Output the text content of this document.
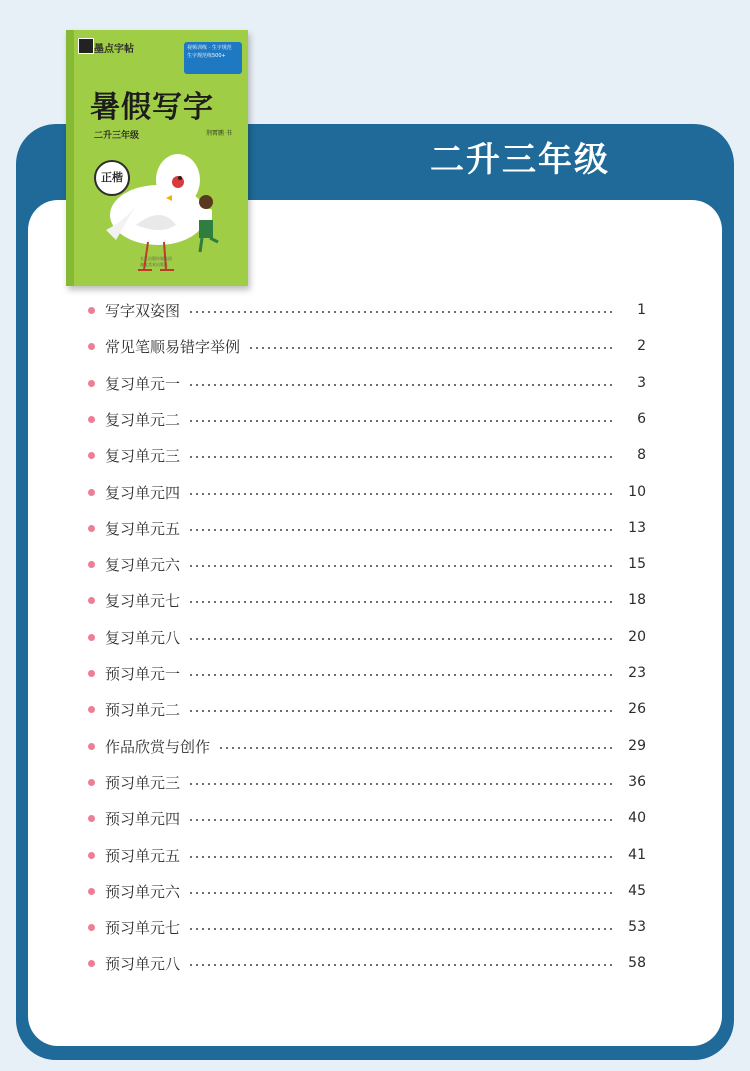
二升三年级
墨点字帖	视频训练 · 生字规范
生字规范练500+
暑假写字
二升三年级	荆霄鹏 书
正楷
长江出版传媒集团
湖北美术出版社
写字双姿图	1
常见笔顺易错字举例	2
复习单元一	3
复习单元二	6
复习单元三	8
复习单元四	10
复习单元五	13
复习单元六	15
复习单元七	18
复习单元八	20
预习单元一	23
预习单元二	26
作品欣赏与创作	29
预习单元三	36
预习单元四	40
预习单元五	41
预习单元六	45
预习单元七	53
预习单元八	58
